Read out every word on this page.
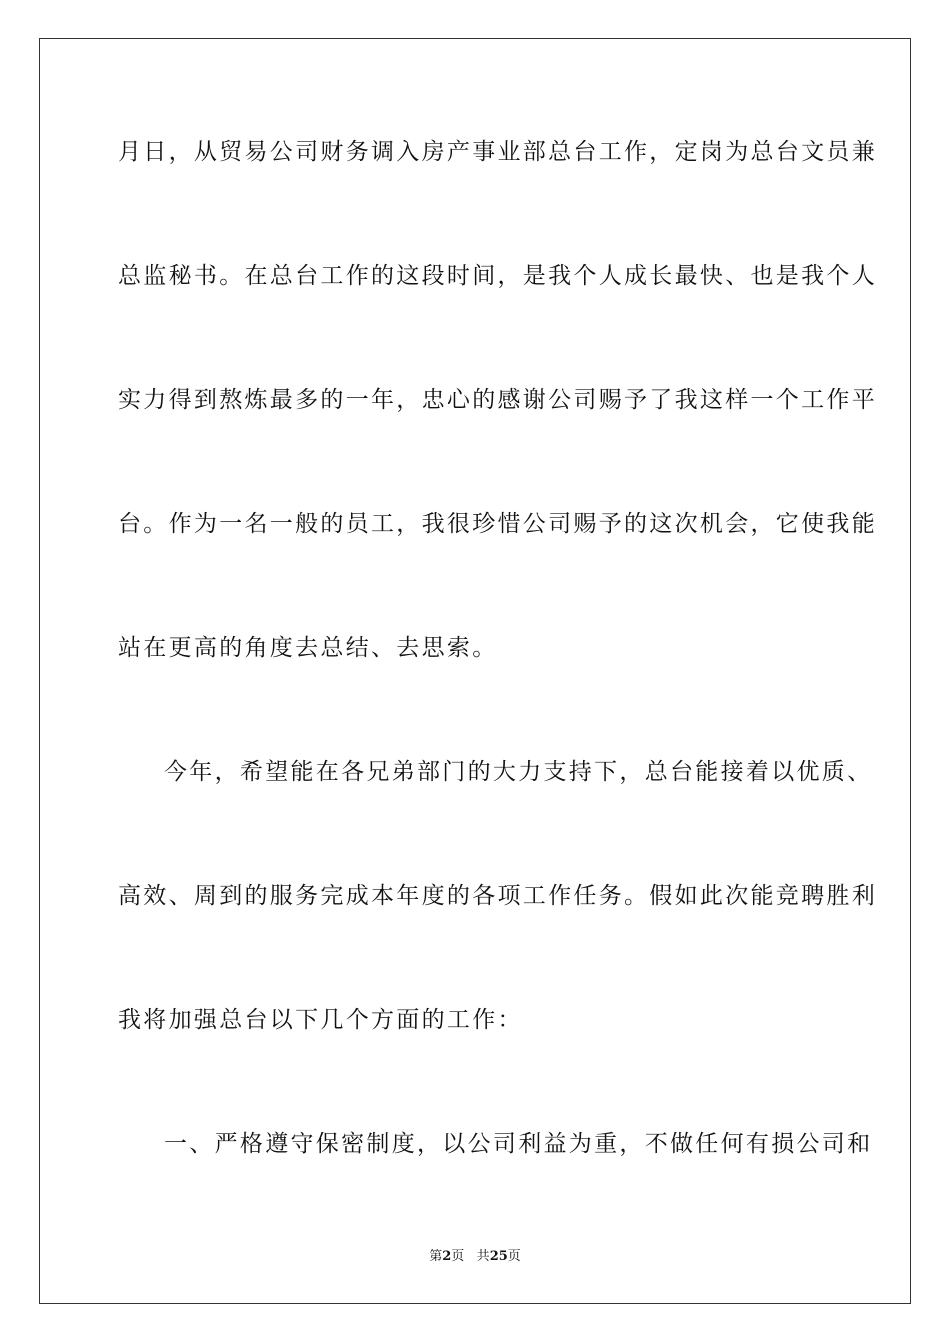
月日，从贸易公司财务调入房产事业部总台工作，定岗为总台文员兼
总监秘书。在总台工作的这段时间，是我个人成长最快、也是我个人
实力得到熬炼最多的一年，忠心的感谢公司赐予了我这样一个工作平
台。作为一名一般的员工，我很珍惜公司赐予的这次机会，它使我能
站在更高的角度去总结、去思索。
今年，希望能在各兄弟部门的大力支持下，总台能接着以优质、
高效、周到的服务完成本年度的各项工作任务。假如此次能竞聘胜利
我将加强总台以下几个方面的工作：
一、严格遵守保密制度，以公司利益为重，不做任何有损公司和
第2页 共25页
